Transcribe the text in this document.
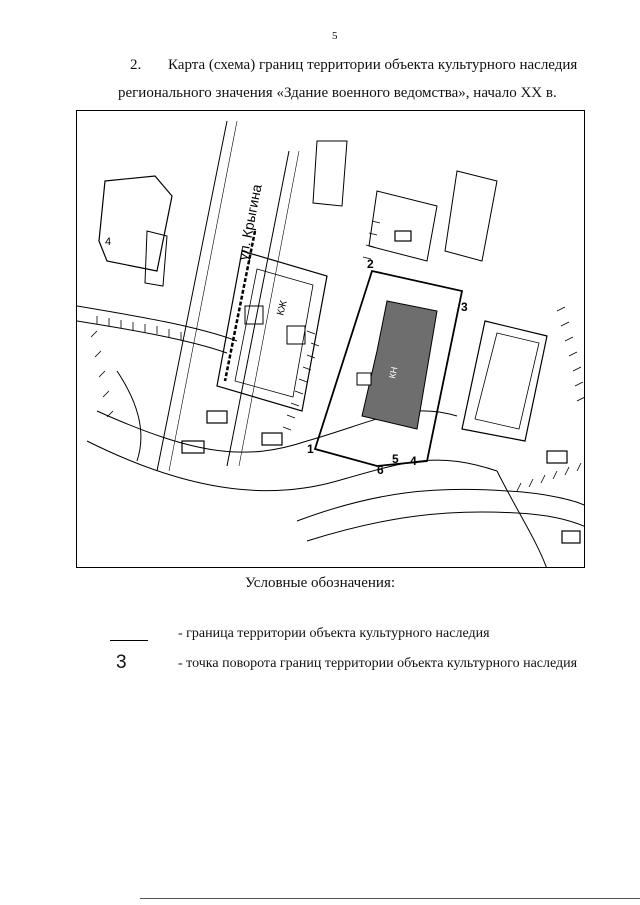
5
2. Карта (схема) границ территории объекта культурного наследия
регионального значения «Здание военного ведомства», начало XX в.
ул. Крыгина
4
КЖ
КН
1
2
3
4
5
6
Условные обозначения:
- граница территории объекта культурного наследия
3	- точка поворота границ территории объекта культурного наследия
